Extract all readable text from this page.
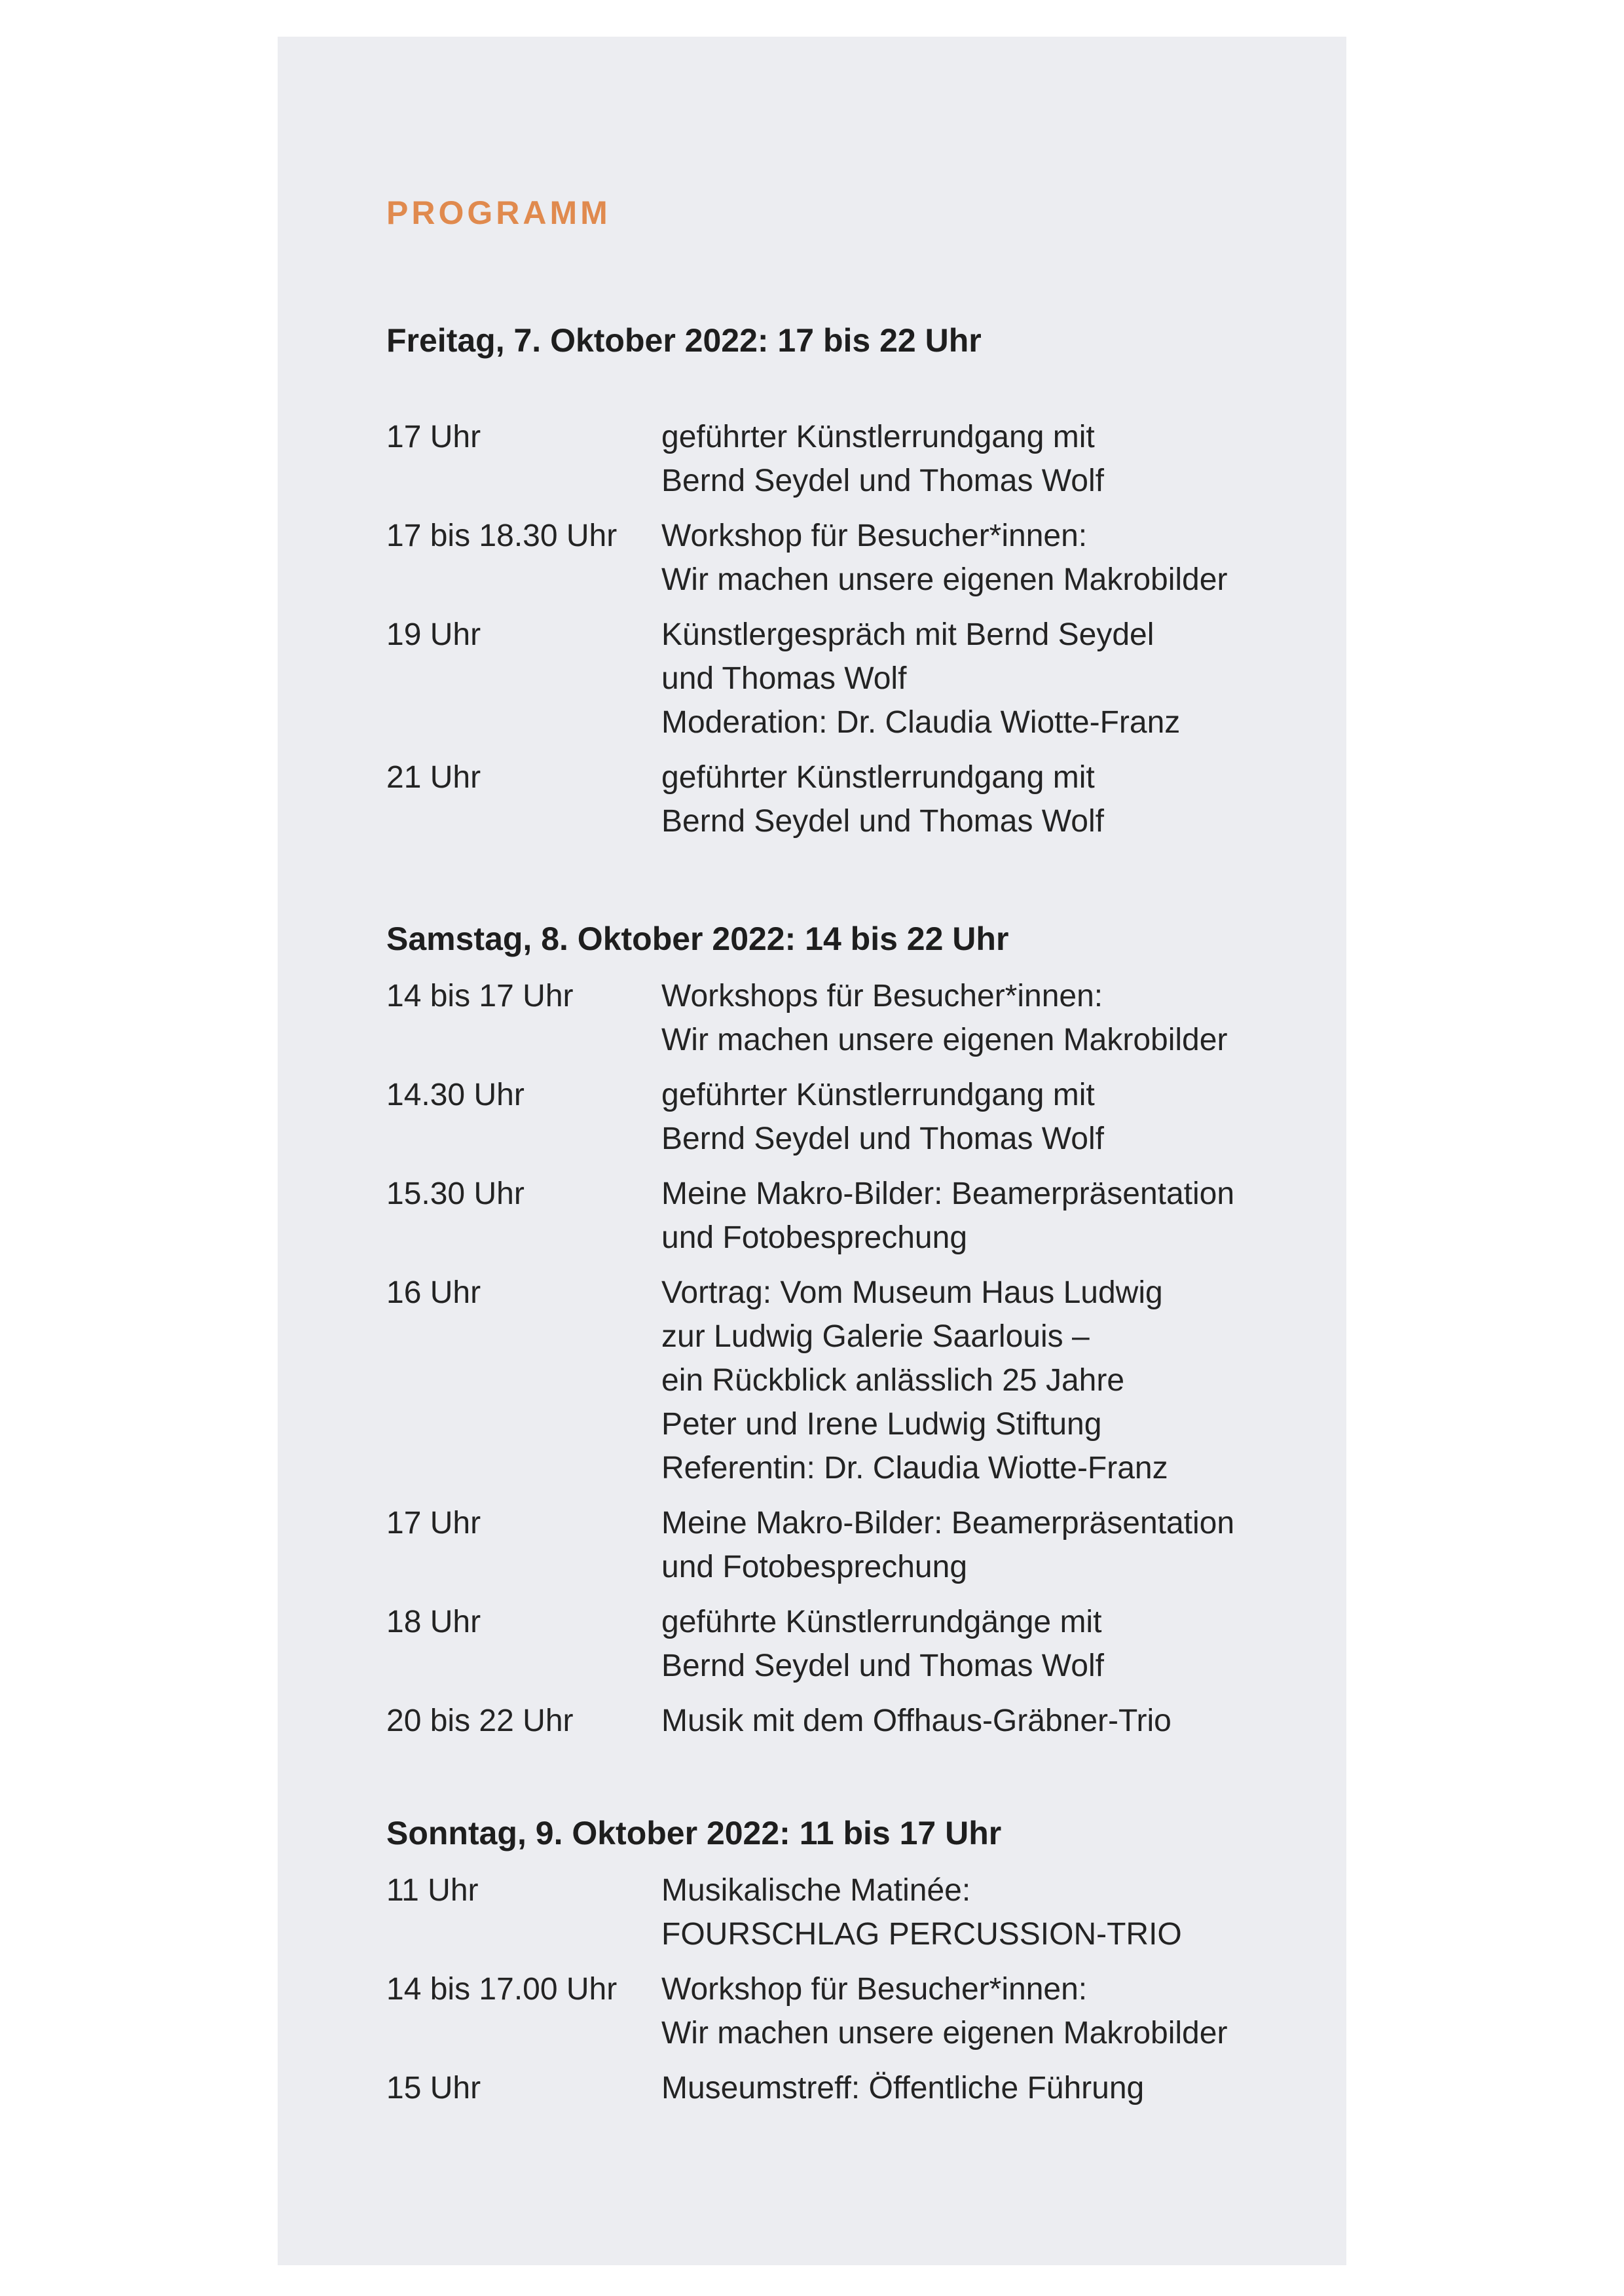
PROGRAMM
Freitag, 7. Oktober 2022: 17 bis 22 Uhr
17 Uhr	geführter Künstlerrundgang mit
Bernd Seydel und Thomas Wolf
17 bis 18.30 Uhr	Workshop für Besucher*innen:
Wir machen unsere eigenen Makrobilder
19 Uhr	Künstlergespräch mit Bernd Seydel
und Thomas Wolf
Moderation: Dr. Claudia Wiotte-Franz
21 Uhr	geführter Künstlerrundgang mit
Bernd Seydel und Thomas Wolf
Samstag, 8. Oktober 2022: 14 bis 22 Uhr
14 bis 17 Uhr	Workshops für Besucher*innen:
Wir machen unsere eigenen Makrobilder
14.30 Uhr	geführter Künstlerrundgang mit
Bernd Seydel und Thomas Wolf
15.30 Uhr	Meine Makro-Bilder: Beamerpräsentation
und Fotobesprechung
16 Uhr	Vortrag: Vom Museum Haus Ludwig
zur Ludwig Galerie Saarlouis –
ein Rückblick anlässlich 25 Jahre
Peter und Irene Ludwig Stiftung
Referentin: Dr. Claudia Wiotte-Franz
17 Uhr	Meine Makro-Bilder: Beamerpräsentation
und Fotobesprechung
18 Uhr	geführte Künstlerrundgänge mit
Bernd Seydel und Thomas Wolf
20 bis 22 Uhr	Musik mit dem Offhaus-Gräbner-Trio
Sonntag, 9. Oktober 2022: 11 bis 17 Uhr
11 Uhr	Musikalische Matinée:
FOURSCHLAG PERCUSSION-TRIO
14 bis 17.00 Uhr	Workshop für Besucher*innen:
Wir machen unsere eigenen Makrobilder
15 Uhr	Museumstreff: Öffentliche Führung
